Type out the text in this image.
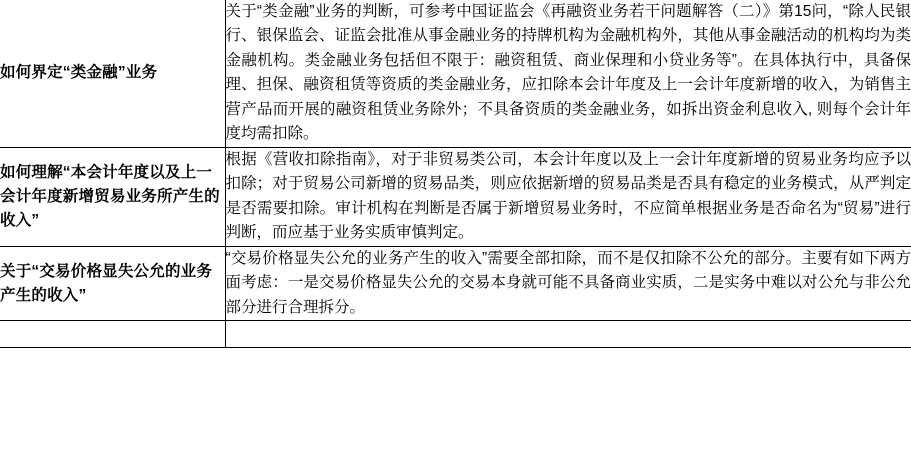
如何界定“类金融”业务	关于“类金融”业务的判断，可参考中国证监会《再融资业务若干问题解答（二）》第15问，“除人民银行、银保监会、证监会批准从事金融业务的持牌机构为金融机构外，其他从事金融活动的机构均为类金融机构。类金融业务包括但不限于：融资租赁、商业保理和小贷业务等”。在具体执行中，具备保理、担保、融资租赁等资质的类金融业务，应扣除本会计年度及上一会计年度新增的收入，为销售主营产品而开展的融资租赁业务除外；不具备资质的类金融业务，如拆出资金利息收入, 则每个会计年度均需扣除。
如何理解“本会计年度以及上一会计年度新增贸易业务所产生的收入”	根据《营收扣除指南》，对于非贸易类公司，本会计年度以及上一会计年度新增的贸易业务均应予以扣除；对于贸易公司新增的贸易品类，则应依据新增的贸易品类是否具有稳定的业务模式，从严判定是否需要扣除。审计机构在判断是否属于新增贸易业务时，不应简单根据业务是否命名为“贸易”进行判断，而应基于业务实质审慎判定。
关于“交易价格显失公允的业务产生的收入”	“交易价格显失公允的业务产生的收入”需要全部扣除，而不是仅扣除不公允的部分。主要有如下两方面考虑：一是交易价格显失公允的交易本身就可能不具备商业实质，二是实务中难以对公允与非公允部分进行合理拆分。
